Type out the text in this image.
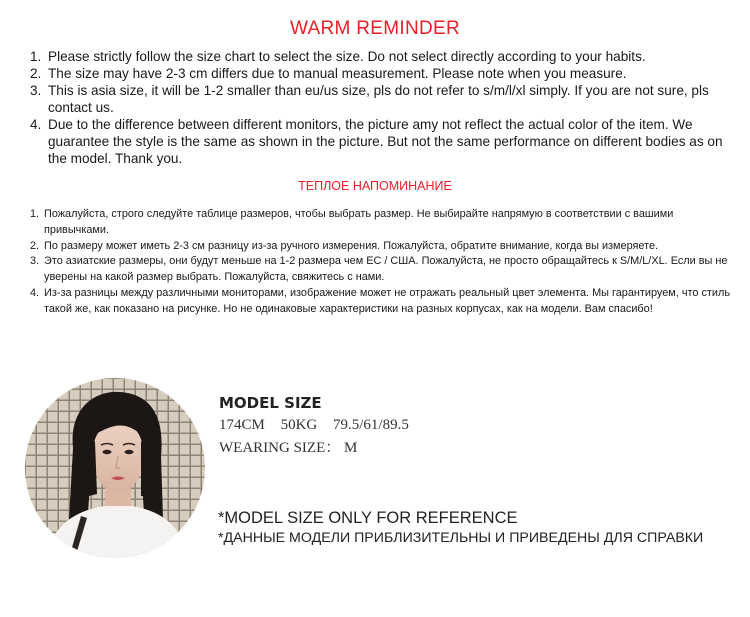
WARM REMINDER
1. Please strictly follow the size chart to select the size. Do not select directly according to your habits.
2. The size may have 2-3 cm differs due to manual measurement. Please note when you measure.
3. This is asia size, it will be 1-2 smaller than eu/us size, pls do not refer to s/m/l/xl simply. If you are not sure, pls contact us.
4. Due to the difference between different monitors, the picture amy not reflect the actual color of the item. We guarantee the style is the same as shown in the picture. But not the same performance on different bodies as on the model. Thank you.
ТЕПЛОЕ НАПОМИНАНИЕ
1. Пожалуйста, строго следуйте таблице размеров, чтобы выбрать размер. Не выбирайте напрямую в соответствии с вашими привычками.
2. По размеру может иметь 2-3 см разницу из-за ручного измерения. Пожалуйста, обратите внимание, когда вы измеряете.
3. Это азиатские размеры, они будут меньше на 1-2 размера чем ЕС / США. Пожалуйста, не просто обращайтесь к S/M/L/XL. Если вы не уверены на какой размер выбрать. Пожалуйста, свяжитесь с нами.
4. Из-за разницы между различными мониторами, изображение может не отражать реальный цвет элемента. Мы гарантируем, что стиль такой же, как показано на рисунке. Но не одинаковые характеристики на разных корпусах, как на модели. Вам спасибо!
MODEL SIZE
174CM 50KG 79.5/61/89.5
WEARING SIZE： M
*MODEL SIZE ONLY FOR REFERENCE
*ДАННЫЕ МОДЕЛИ ПРИБЛИЗИТЕЛЬНЫ И ПРИВЕДЕНЫ ДЛЯ СПРАВКИ
